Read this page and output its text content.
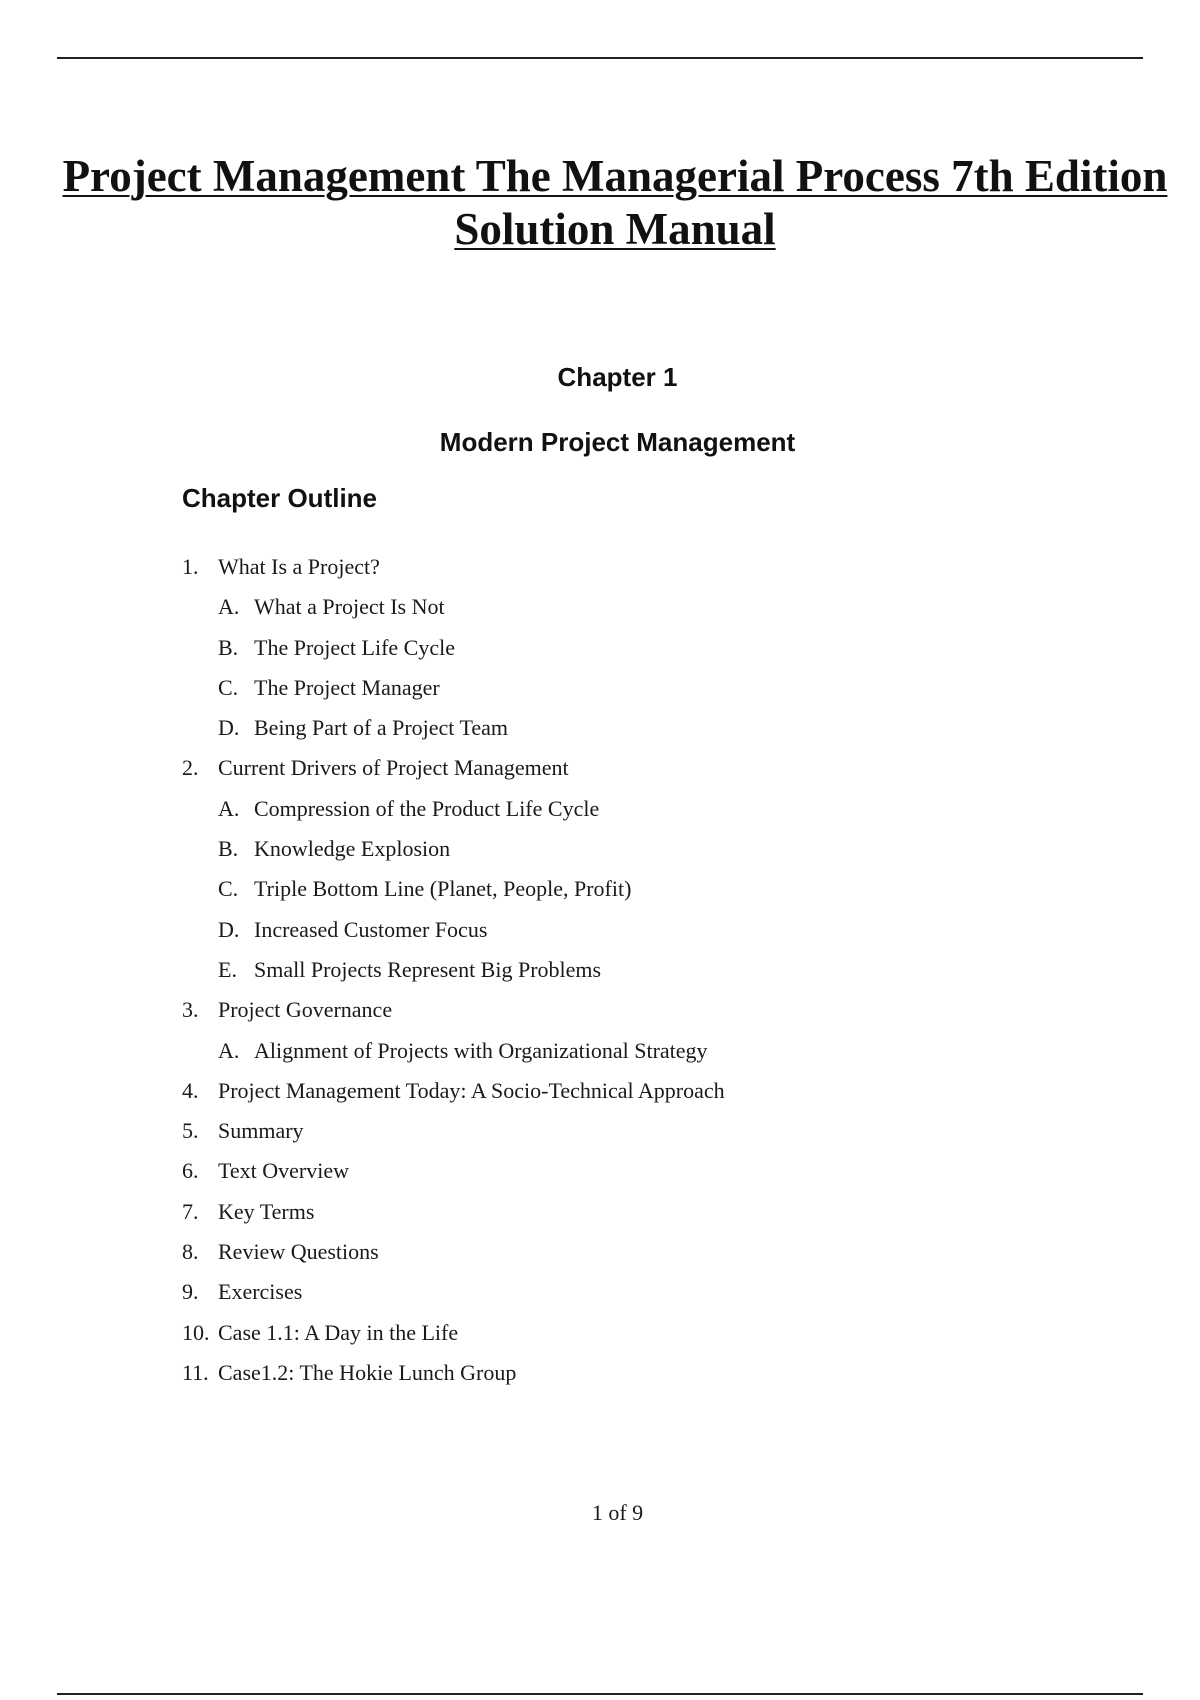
Project Management The Managerial Process 7th Edition
Solution Manual
Chapter 1
Modern Project Management
Chapter Outline
1. What Is a Project?
A. What a Project Is Not
B. The Project Life Cycle
C. The Project Manager
D. Being Part of a Project Team
2. Current Drivers of Project Management
A. Compression of the Product Life Cycle
B. Knowledge Explosion
C. Triple Bottom Line (Planet, People, Profit)
D. Increased Customer Focus
E. Small Projects Represent Big Problems
3. Project Governance
A. Alignment of Projects with Organizational Strategy
4. Project Management Today: A Socio-Technical Approach
5. Summary
6. Text Overview
7. Key Terms
8. Review Questions
9. Exercises
10. Case 1.1: A Day in the Life
11. Case1.2: The Hokie Lunch Group

1 of 9
